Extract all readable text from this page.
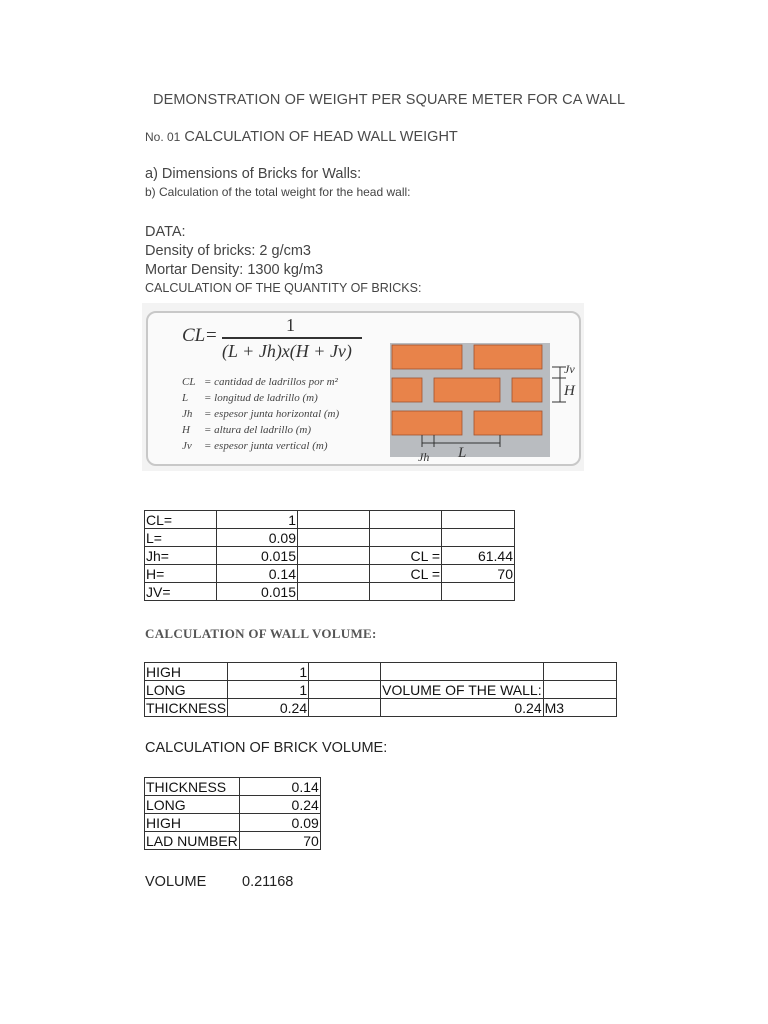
DEMONSTRATION OF WEIGHT PER SQUARE METER FOR CA WALL
No. 01 CALCULATION OF HEAD WALL WEIGHT
a) Dimensions of Bricks for Walls:
b) Calculation of the total weight for the head wall:
DATA:
Density of bricks: 2 g/cm3
Mortar Density: 1300 kg/m3
CALCULATION OF THE QUANTITY OF BRICKS:
CL =	1
(L + Jh)x(H + Jv)
CL = cantidad de ladrillos por m²
L	= longitud de ladrillo (m)
Jh	= espesor junta horizontal (m)
H	= altura del ladrillo (m)
Jv	= espesor junta vertical (m)
Jv
H
Jh L
CL=	1			
L=	0.09			
Jh=	0.015		CL =	61.44
H=	0.14		CL =	70
JV=	0.015			
CALCULATION OF WALL VOLUME:
HIGH	1			
LONG	1		VOLUME OF THE WALL:	
THICKNESS	0.24		0.24	M3
CALCULATION OF BRICK VOLUME:
THICKNESS	0.14
LONG	0.24
HIGH	0.09
LAD NUMBER	70
VOLUME 0.21168
